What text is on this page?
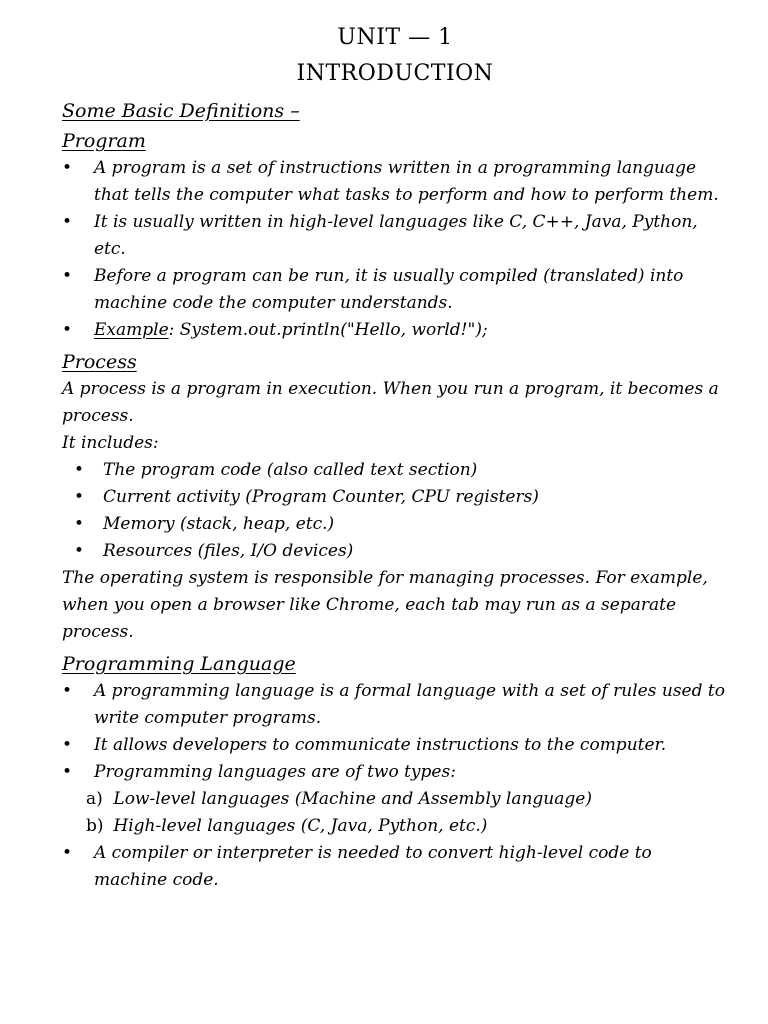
UNIT — 1
INTRODUCTION
Some Basic Definitions –
Program
• A program is a set of instructions written in a programming language that tells the computer what tasks to perform and how to perform them.
• It is usually written in high-level languages like C, C++, Java, Python, etc.
• Before a program can be run, it is usually compiled (translated) into machine code the computer understands.
• Example: System.out.println("Hello, world!");
Process

A process is a program in execution. When you run a program, it becomes a process.

It includes:

• The program code (also called text section)
• Current activity (Program Counter, CPU registers)
• Memory (stack, heap, etc.)
• Resources (files, I/O devices)

The operating system is responsible for managing processes. For example, when you open a browser like Chrome, each tab may run as a separate process.

Programming Language
• A programming language is a formal language with a set of rules used to write computer programs.
• It allows developers to communicate instructions to the computer.
• Programming languages are of two types:
a) Low-level languages (Machine and Assembly language)
b) High-level languages (C, Java, Python, etc.)
• A compiler or interpreter is needed to convert high-level code to machine code.
